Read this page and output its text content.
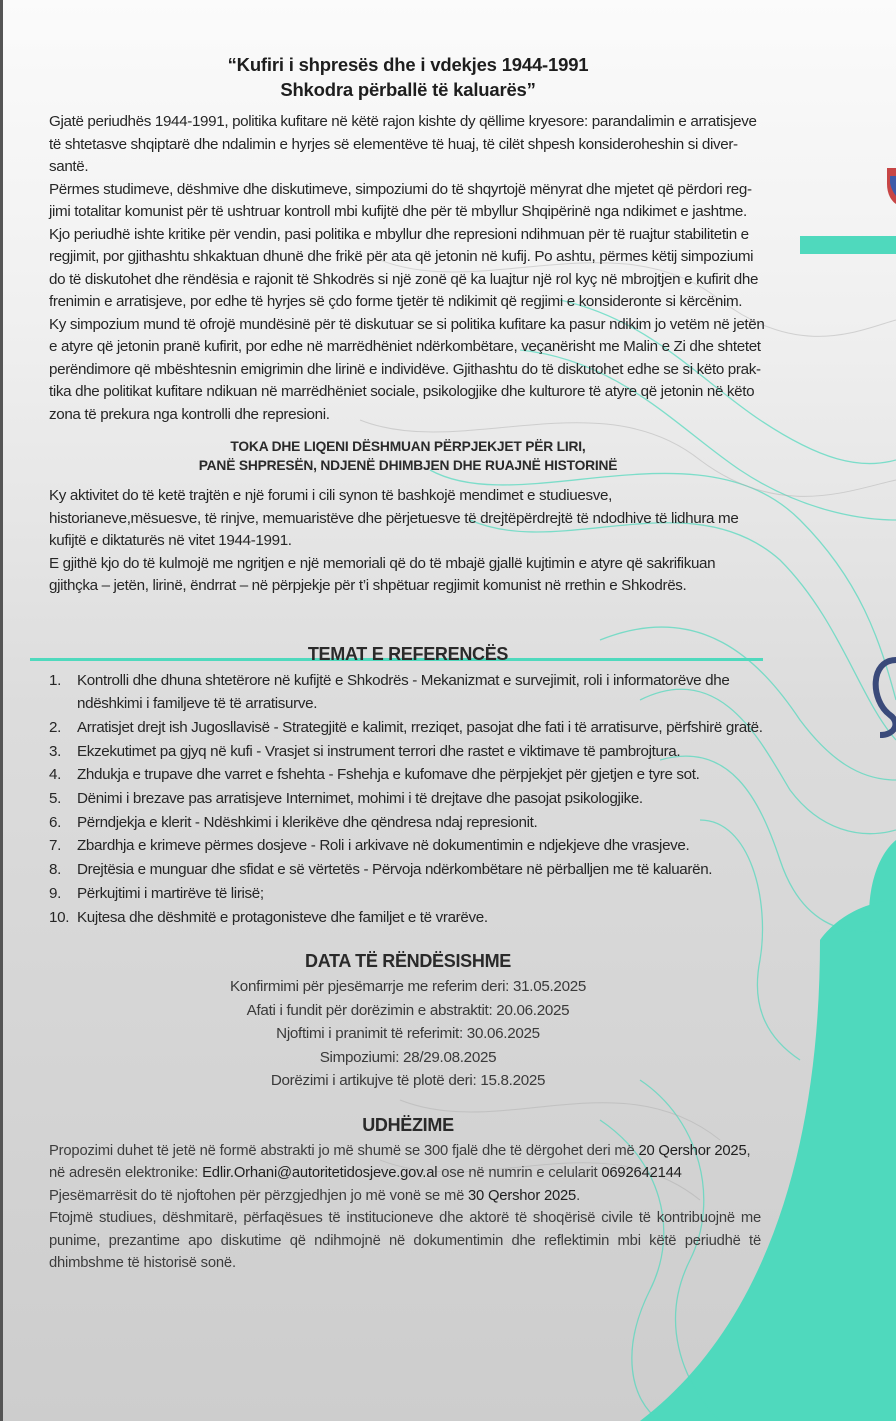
“Kufiri i shpresës dhe i vdekjes 1944-1991
Shkodra përballë të kaluarës”

Gjatë periudhës 1944-1991, politika kufitare në këtë rajon kishte dy qëllime kryesore: parandalimin e arratisjeve të shtetasve shqiptarë dhe ndalimin e hyrjes së elementëve të huaj, të cilët shpesh konsideroheshin si diver-santë.

Përmes studimeve, dëshmive dhe diskutimeve, simpoziumi do të shqyrtojë mënyrat dhe mjetet që përdori reg-jimi totalitar komunist për të ushtruar kontroll mbi kufijtë dhe për të mbyllur Shqipërinë nga ndikimet e jashtme. Kjo periudhë ishte kritike për vendin, pasi politika e mbyllur dhe represioni ndihmuan për të ruajtur stabilitetin e regjimit, por gjithashtu shkaktuan dhunë dhe frikë për ata që jetonin në kufij. Po ashtu, përmes këtij simpoziumi do të diskutohet dhe rëndësia e rajonit të Shkodrës si një zonë që ka luajtur një rol kyç në mbrojtjen e kufirit dhe frenimin e arratisjeve, por edhe të hyrjes së çdo forme tjetër të ndikimit që regjimi e konsideronte si kërcënim.

Ky simpozium mund të ofrojë mundësinë për të diskutuar se si politika kufitare ka pasur ndikim jo vetëm në jetën e atyre që jetonin pranë kufirit, por edhe në marrëdhëniet ndërkombëtare, veçanërisht me Malin e Zi dhe shtetet perëndimore që mbështesnin emigrimin dhe lirinë e individëve. Gjithashtu do të diskutohet edhe se si këto prak-tika dhe politikat kufitare ndikuan në marrëdhëniet sociale, psikologjike dhe kulturore të atyre që jetonin në këto zona të prekura nga kontrolli dhe represioni.

TOKA DHE LIQENI DËSHMUAN PËRPJEKJET PËR LIRI,
PANË SHPRESËN, NDJENË DHIMBJEN DHE RUAJNË HISTORINË

Ky aktivitet do të ketë trajtën e një forumi i cili synon të bashkojë mendimet e studiuesve, historianeve,mësuesve, të rinjve, memuaristëve dhe përjetuesve të drejtëpërdrejtë të ndodhive të lidhura me kufijtë e diktaturës në vitet 1944-1991.

E gjithë kjo do të kulmojë me ngritjen e një memoriali që do të mbajë gjallë kujtimin e atyre që sakrifikuan gjithçka – jetën, lirinë, ëndrrat – në përpjekje për t’i shpëtuar regjimit komunist në rrethin e Shkodrës.

TEMAT E REFERENCËS
1. Kontrolli dhe dhuna shtetërore në kufijtë e Shkodrës - Mekanizmat e survejimit, roli i informatorëve dhe ndëshkimi i familjeve të të arratisurve.
2. Arratisjet drejt ish Jugosllavisë - Strategjitë e kalimit, rreziqet, pasojat dhe fati i të arratisurve, përfshirë gratë.
3. Ekzekutimet pa gjyq në kufi - Vrasjet si instrument terrori dhe rastet e viktimave të pambrojtura.
4. Zhdukja e trupave dhe varret e fshehta - Fshehja e kufomave dhe përpjekjet për gjetjen e tyre sot.
5. Dënimi i brezave pas arratisjeve Internimet, mohimi i të drejtave dhe pasojat psikologjike.
6. Përndjekja e klerit - Ndëshkimi i klerikëve dhe qëndresa ndaj represionit.
7. Zbardhja e krimeve përmes dosjeve - Roli i arkivave në dokumentimin e ndjekjeve dhe vrasjeve.
8. Drejtësia e munguar dhe sfidat e së vërtetës - Përvoja ndërkombëtare në përballjen me të kaluarën.
9. Përkujtimi i martirëve të lirisë;
10. Kujtesa dhe dëshmitë e protagonisteve dhe familjet e të vrarëve.
DATA TË RËNDËSISHME
Konfirmimi për pjesëmarrje me referim deri: 31.05.2025
Afati i fundit për dorëzimin e abstraktit: 20.06.2025
Njoftimi i pranimit të referimit: 30.06.2025
Simpoziumi: 28/29.08.2025
Dorëzimi i artikujve të plotë deri: 15.8.2025
UDHËZIME
Propozimi duhet të jetë në formë abstrakti jo më shumë se 300 fjalë dhe të dërgohet deri më 20 Qershor 2025,
në adresën elektronike: Edlir.Orhani@autoritetidosjeve.gov.al ose në numrin e celularit 0692642144
Pjesëmarrësit do të njoftohen për përzgjedhjen jo më vonë se më 30 Qershor 2025.
Ftojmë studiues, dëshmitarë, përfaqësues të institucioneve dhe aktorë të shoqërisë civile të kontribuojnë me punime, prezantime apo diskutime që ndihmojnë në dokumentimin dhe reflektimin mbi këtë periudhë të dhimbshme të historisë sonë.
